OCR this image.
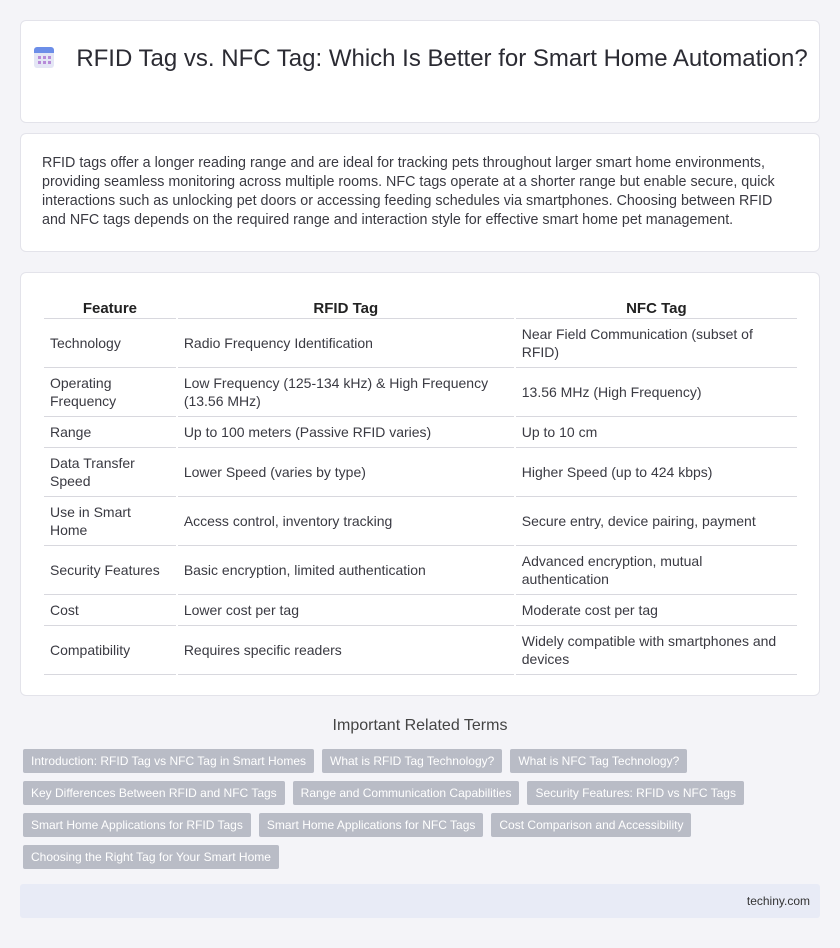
RFID Tag vs. NFC Tag: Which Is Better for Smart Home Automation?

RFID tags offer a longer reading range and are ideal for tracking pets throughout larger smart home environments, providing seamless monitoring across multiple rooms. NFC tags operate at a shorter range but enable secure, quick interactions such as unlocking pet doors or accessing feeding schedules via smartphones. Choosing between RFID and NFC tags depends on the required range and interaction style for effective smart home pet management.

Feature	RFID Tag	NFC Tag
Technology	Radio Frequency Identification	Near Field Communication (subset of RFID)
Operating Frequency	Low Frequency (125-134 kHz) & High Frequency (13.56 MHz)	13.56 MHz (High Frequency)
Range	Up to 100 meters (Passive RFID varies)	Up to 10 cm
Data Transfer Speed	Lower Speed (varies by type)	Higher Speed (up to 424 kbps)
Use in Smart Home	Access control, inventory tracking	Secure entry, device pairing, payment
Security Features	Basic encryption, limited authentication	Advanced encryption, mutual authentication
Cost	Lower cost per tag	Moderate cost per tag
Compatibility	Requires specific readers	Widely compatible with smartphones and devices
Important Related Terms
Introduction: RFID Tag vs NFC Tag in Smart Homes	What is RFID Tag Technology?	What is NFC Tag Technology?
Key Differences Between RFID and NFC Tags	Range and Communication Capabilities	Security Features: RFID vs NFC Tags
Smart Home Applications for RFID Tags	Smart Home Applications for NFC Tags	Cost Comparison and Accessibility
Choosing the Right Tag for Your Smart Home
techiny.com
